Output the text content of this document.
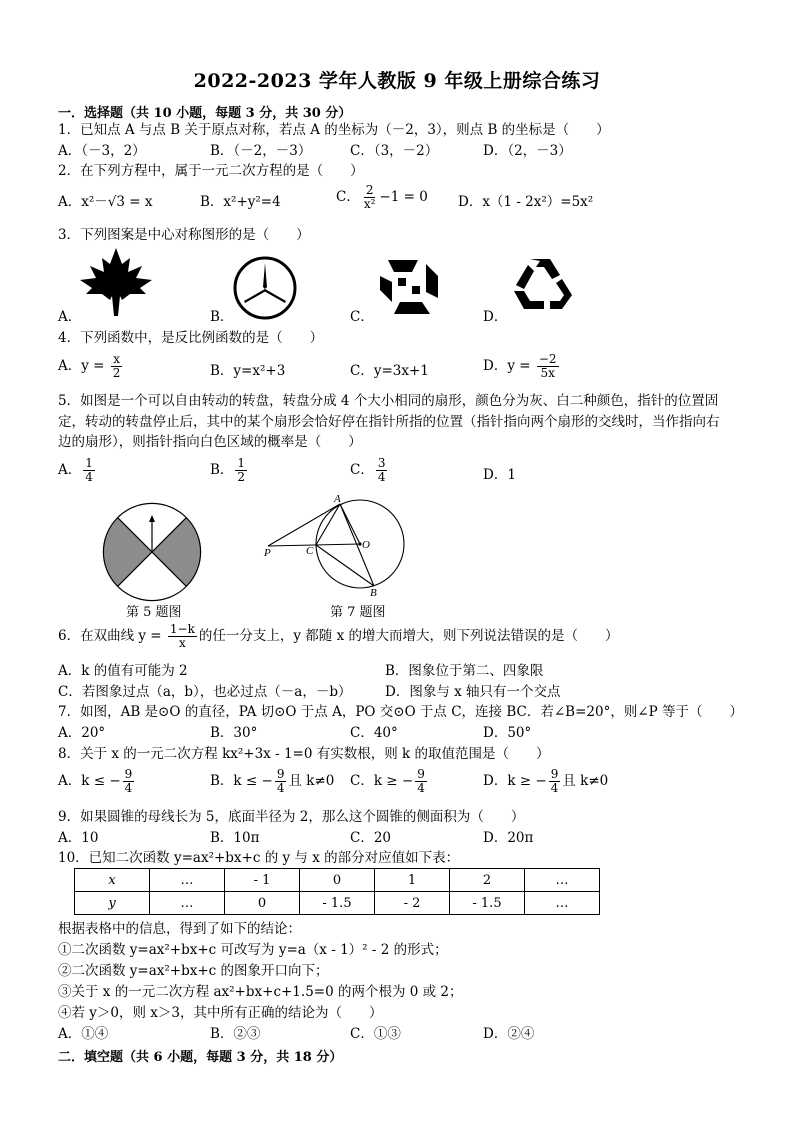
2022-2023 学年人教版 9 年级上册综合练习
一．选择题（共 10 小题，每题 3 分，共 30 分）
1．已知点 A 与点 B 关于原点对称，若点 A 的坐标为（－2，3），则点 B 的坐标是（　　）
A．（－3，2）	B．（－2，－3）	C．（3，－2）	D．（2，－3）
2．在下列方程中，属于一元二次方程的是（　　）
A．x²－√3 = x	B．x²+y²=4	C． $\frac{2}{\text{x²}} -1 = 0$ D．x（1 - 2x²）=5x²
3．下列图案是中心对称图形的是（　　）
A．	B．	C．	D．
4．下列函数中，是反比例函数的是（　　）
A．$y = \frac{x}{2}$	B．y=x²+3	C．y=3x+1	D．$y = \frac{-2}{5x}$
5．如图是一个可以自由转动的转盘，转盘分成 4 个大小相同的扇形，颜色分为灰、白二种颜色，指针的位置固
定，转动的转盘停止后，其中的某个扇形会恰好停在指针所指的位置（指针指向两个扇形的交线时，当作指向右
边的扇形），则指针指向白色区域的概率是（　　）
A． $\frac{1}{4}$	B． $\frac{1}{2}$	C． $\frac{3}{4}$	D．1
第 5 题图
A
B
C	O
P
第 7 题图
6．在双曲线 $y = \frac{1-k}{x}$ 的任一分支上，y 都随 x 的增大而增大，则下列说法错误的是（　　）
A．k 的值有可能为 2	B．图象位于第二、四象限
C．若图象过点（a，b），也必过点（－a，－b） D．图象与 x 轴只有一个交点
7．如图，AB 是⊙O 的直径，PA 切⊙O 于点 A，PO 交⊙O 于点 C，连接 BC．若∠B=20°，则∠P 等于（　　）
A．20°	B．30°	C．40°	D．50°
8．关于 x 的一元二次方程 kx²+3x - 1=0 有实数根，则 k 的取值范围是（　　）
A．k ≤ − $\frac{9}{4}$	B．k ≤ − $\frac{9}{4}$ 且 k≠0 C．k ≥ − $\frac{9}{4}$	D．k ≥ − $\frac{9}{4}$ 且 k≠0
9．如果圆锥的母线长为 5，底面半径为 2，那么这个圆锥的侧面积为（　　）
A．10	B．10π	C．20	D．20π
10．已知二次函数 y=ax²+bx+c 的 y 与 x 的部分对应值如下表：
x	…	- 1	0	1	2	…
y	…	0	- 1.5	- 2	- 1.5	…
根据表格中的信息，得到了如下的结论：
①二次函数 y=ax²+bx+c 可改写为 y=a（x - 1）² - 2 的形式；
②二次函数 y=ax²+bx+c 的图象开口向下；
③关于 x 的一元二次方程 ax²+bx+c+1.5=0 的两个根为 0 或 2；
④若 y＞0，则 x＞3，其中所有正确的结论为（　　）
A．①④	B．②③	C．①③	D．②④
二．填空题（共 6 小题，每题 3 分，共 18 分）
